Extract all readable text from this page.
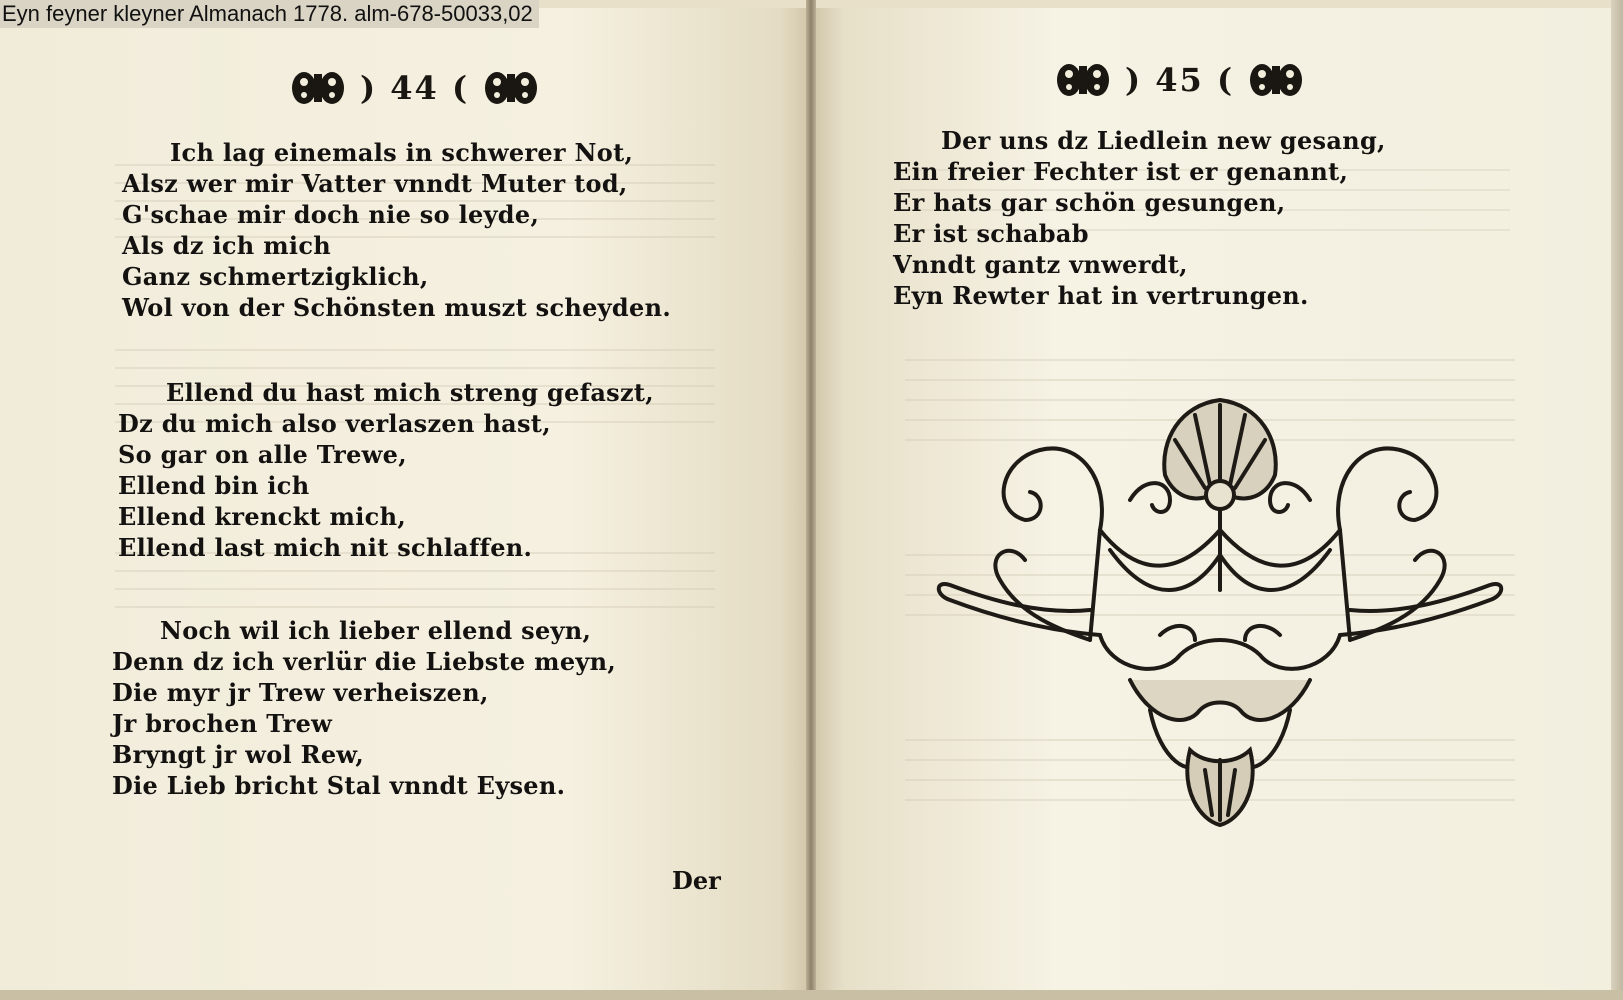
) 44 (
Ich lag einemals in schwerer Not,
Alsz wer mir Vatter vnndt Muter tod,
G'schae mir doch nie so leyde,
Als dz ich mich
Ganz schmertzigklich,
Wol von der Schönsten muszt scheyden.
Ellend du hast mich streng gefaszt,
Dz du mich also verlaszen hast,
So gar on alle Trewe,
Ellend bin ich
Ellend krenckt mich,
Ellend last mich nit schlaffen.
Noch wil ich lieber ellend seyn,
Denn dz ich verlür die Liebste meyn,
Die myr jr Trew verheiszen,
Jr brochen Trew
Bryngt jr wol Rew,
Die Lieb bricht Stal vnndt Eysen.
Der
) 45 (
Der uns dz Liedlein new gesang,
Ein freier Fechter ist er genannt,
Er hats gar schön gesungen,
Er ist schabab
Vnndt gantz vnwerdt,
Eyn Rewter hat in vertrungen.
Eyn feyner kleyner Almanach 1778. alm-678-50033,02
